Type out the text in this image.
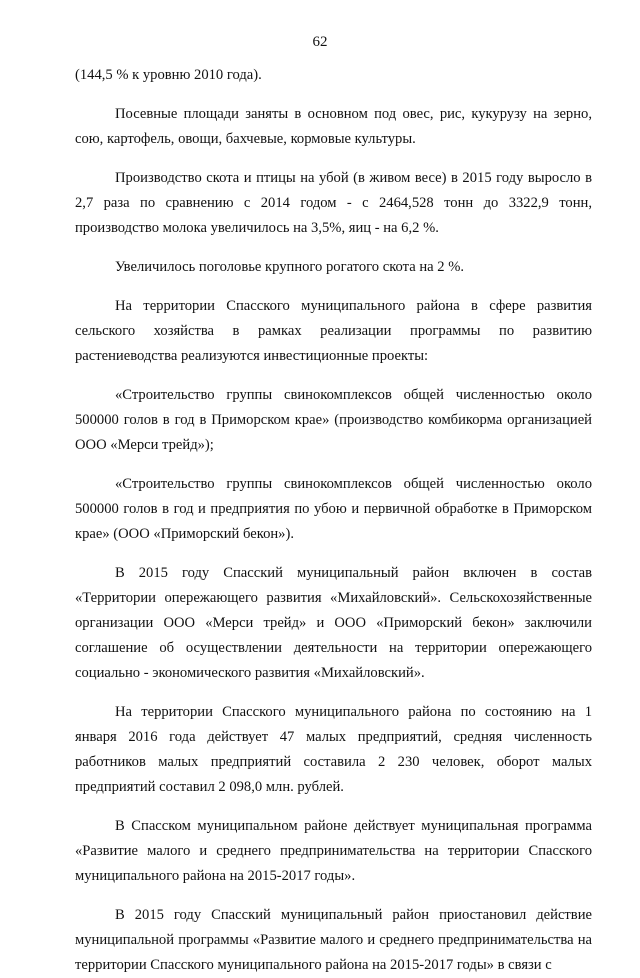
62

(144,5 % к уровню 2010 года).

Посевные площади заняты в основном под овес, рис, кукурузу на зерно, сою, картофель, овощи, бахчевые, кормовые культуры.

Производство скота и птицы на убой (в живом весе) в 2015 году выросло в 2,7 раза по сравнению с 2014 годом - с 2464,528 тонн до 3322,9 тонн, производство молока увеличилось на 3,5%, яиц - на 6,2 %.

Увеличилось поголовье крупного рогатого скота на 2 %.

На территории Спасского муниципального района в сфере развития сельского хозяйства в рамках реализации программы по развитию растениеводства реализуются инвестиционные проекты:

«Строительство группы свинокомплексов общей численностью около 500000 голов в год в Приморском крае» (производство комбикорма организацией ООО «Мерси трейд»);

«Строительство группы свинокомплексов общей численностью около 500000 голов в год и предприятия по убою и первичной обработке в Приморском крае» (ООО «Приморский бекон»).

В 2015 году Спасский муниципальный район включен в состав «Территории опережающего развития «Михайловский». Сельскохозяйственные организации ООО «Мерси трейд» и ООО «Приморский бекон» заключили соглашение об осуществлении деятельности на территории опережающего социально - экономического развития «Михайловский».

На территории Спасского муниципального района по состоянию на 1 января 2016 года действует 47 малых предприятий, средняя численность работников малых предприятий составила 2 230 человек, оборот малых предприятий составил 2 098,0 млн. рублей.

В Спасском муниципальном районе действует муниципальная программа «Развитие малого и среднего предпринимательства на территории Спасского муниципального района на 2015-2017 годы».

В 2015 году Спасский муниципальный район приостановил действие муниципальной программы «Развитие малого и среднего предпринимательства на территории Спасского муниципального района на 2015-2017 годы» в связи с
